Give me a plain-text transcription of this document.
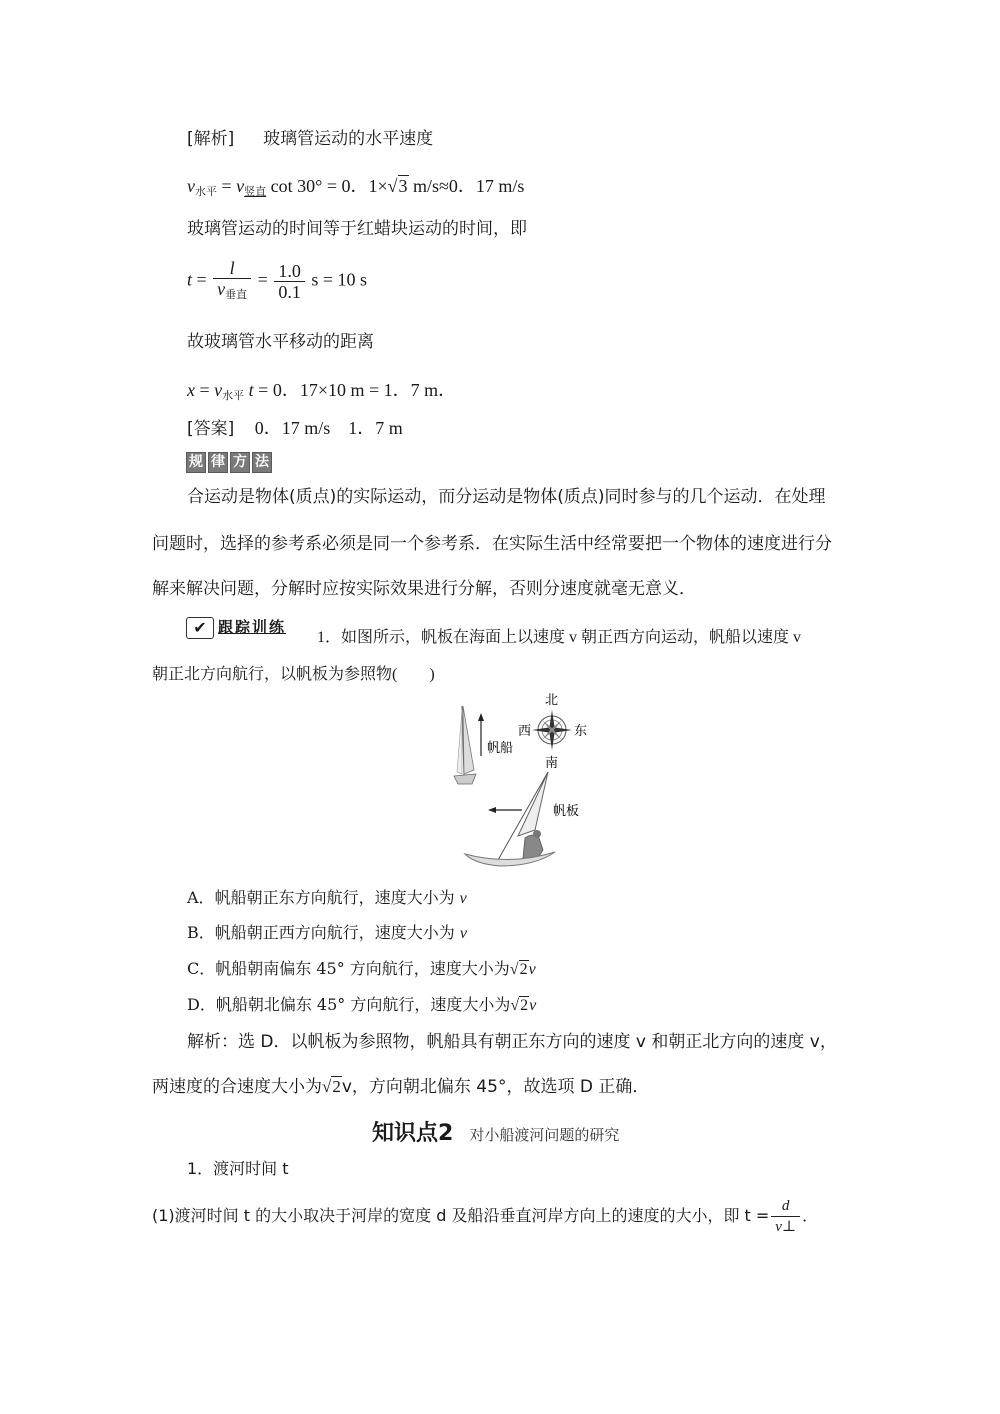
[解析] 玻璃管运动的水平速度
$v_{水平} = v_{竖直}$ cot 30° = 0．1×√3 m/s≈0．17 m/s
玻璃管运动的时间等于红蜡块运动的时间，即
$t = \frac{l}{v_{垂直}} = \frac{1.0}{0.1}$ s = 10 s
故玻璃管水平移动的距离
$x = v_{水平}$ t = 0．17×10 m = 1．7 m．
[答案] 0．17 m/s　1．7 m
规 律 方 法
合运动是物体(质点)的实际运动，而分运动是物体(质点)同时参与的几个运动．在处理
问题时，选择的参考系必须是同一个参考系．在实际生活中经常要把一个物体的速度进行分
解来解决问题，分解时应按实际效果进行分解，否则分速度就毫无意义．
✔ 跟踪训练
1．如图所示，帆板在海面上以速度 v 朝正西方向运动，帆船以速度 v
朝正北方向航行，以帆板为参照物(　　)
北
西	东
南
帆船
帆板
A．帆船朝正东方向航行，速度大小为 v
B．帆船朝正西方向航行，速度大小为 v
C．帆船朝南偏东 45° 方向航行，速度大小为√2v
D．帆船朝北偏东 45° 方向航行，速度大小为√2v
解析：选 D．以帆板为参照物，帆船具有朝正东方向的速度 v 和朝正北方向的速度 v，
两速度的合速度大小为√2v，方向朝北偏东 45°，故选项 D 正确．
知识点2 对小船渡河问题的研究
1．渡河时间 t
(1)渡河时间 t 的大小取决于河岸的宽度 d 及船沿垂直河岸方向上的速度的大小，即 $t = \frac{d}{v\perp}$ ．
